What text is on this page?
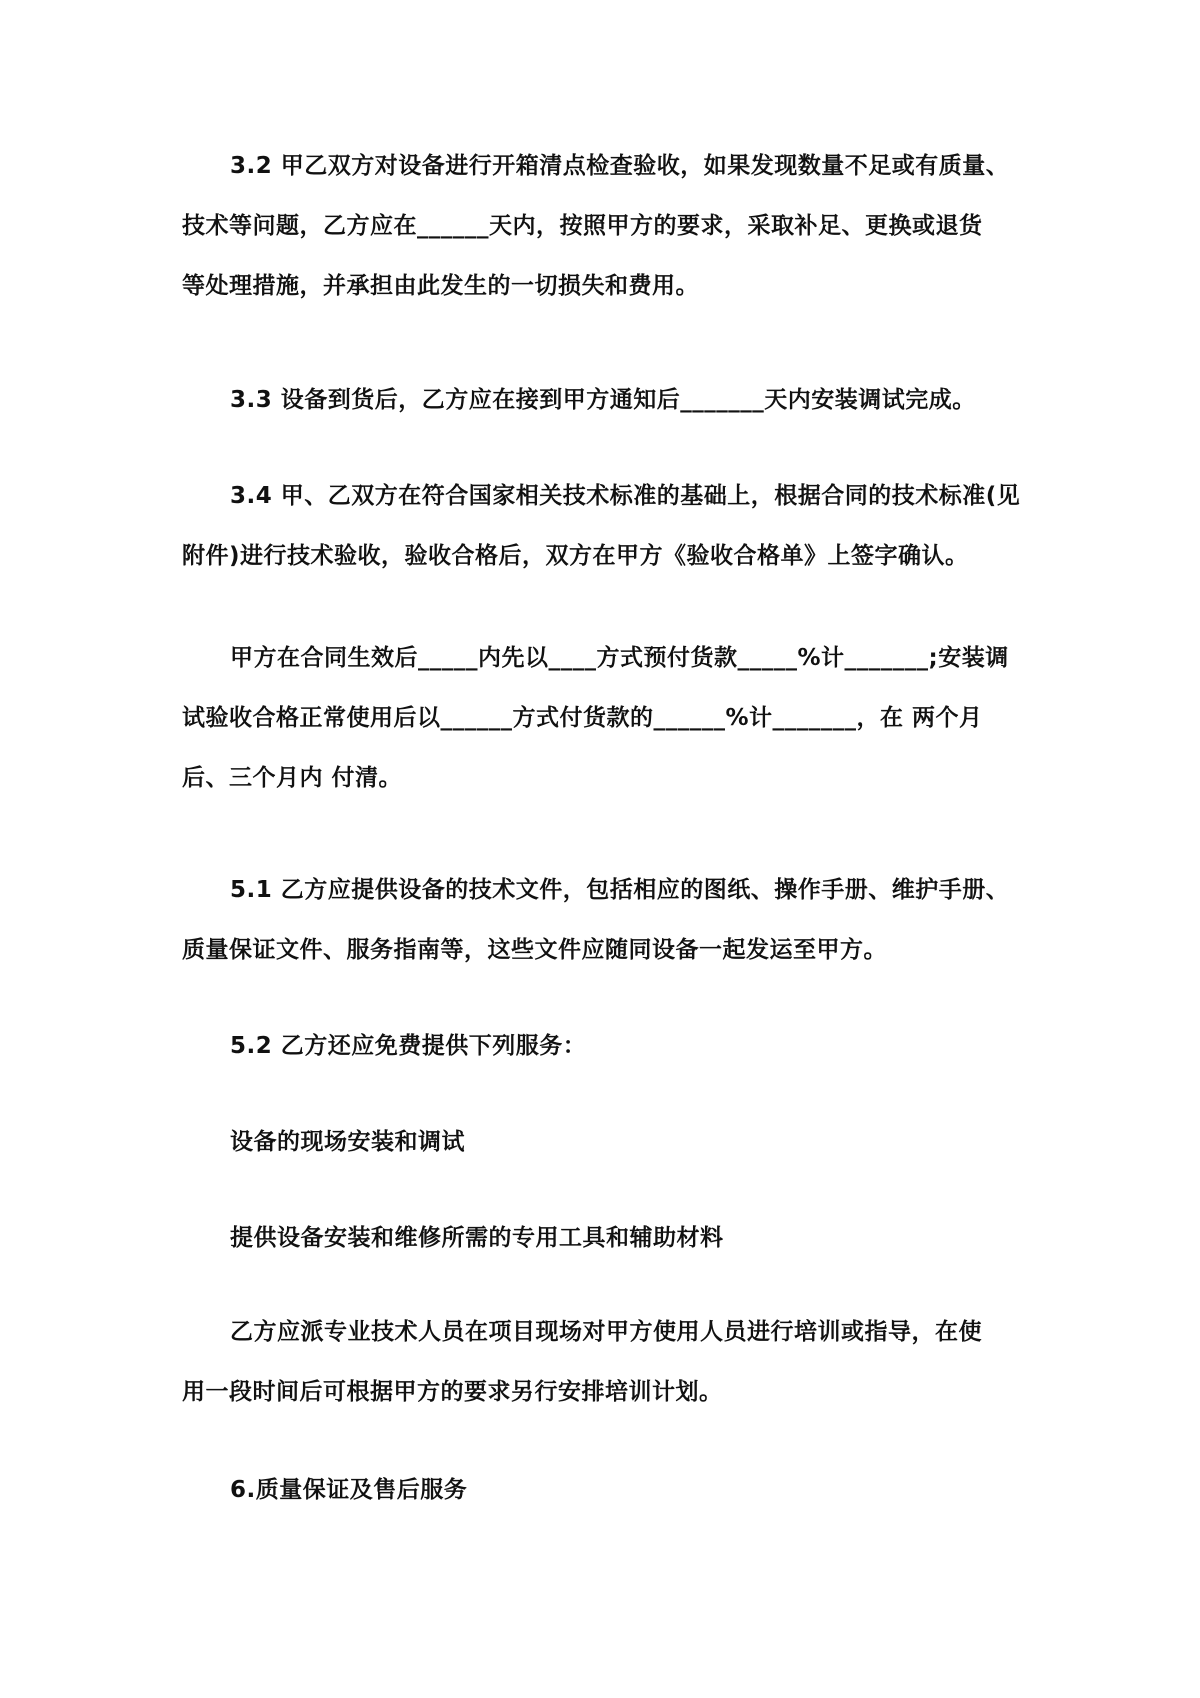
3.2 甲乙双方对设备进行开箱清点检查验收，如果发现数量不足或有质量、
技术等问题，乙方应在______天内，按照甲方的要求，采取补足、更换或退货
等处理措施，并承担由此发生的一切损失和费用。

3.3 设备到货后，乙方应在接到甲方通知后_______天内安装调试完成。

3.4 甲、乙双方在符合国家相关技术标准的基础上，根据合同的技术标准(见
附件)进行技术验收，验收合格后，双方在甲方《验收合格单》上签字确认。

甲方在合同生效后_____内先以____方式预付货款_____%计_______;安装调
试验收合格正常使用后以______方式付货款的______%计_______，在 两个月
后、三个月内 付清。

5.1 乙方应提供设备的技术文件，包括相应的图纸、操作手册、维护手册、
质量保证文件、服务指南等，这些文件应随同设备一起发运至甲方。

5.2 乙方还应免费提供下列服务：

设备的现场安装和调试

提供设备安装和维修所需的专用工具和辅助材料

乙方应派专业技术人员在项目现场对甲方使用人员进行培训或指导，在使
用一段时间后可根据甲方的要求另行安排培训计划。

6.质量保证及售后服务
